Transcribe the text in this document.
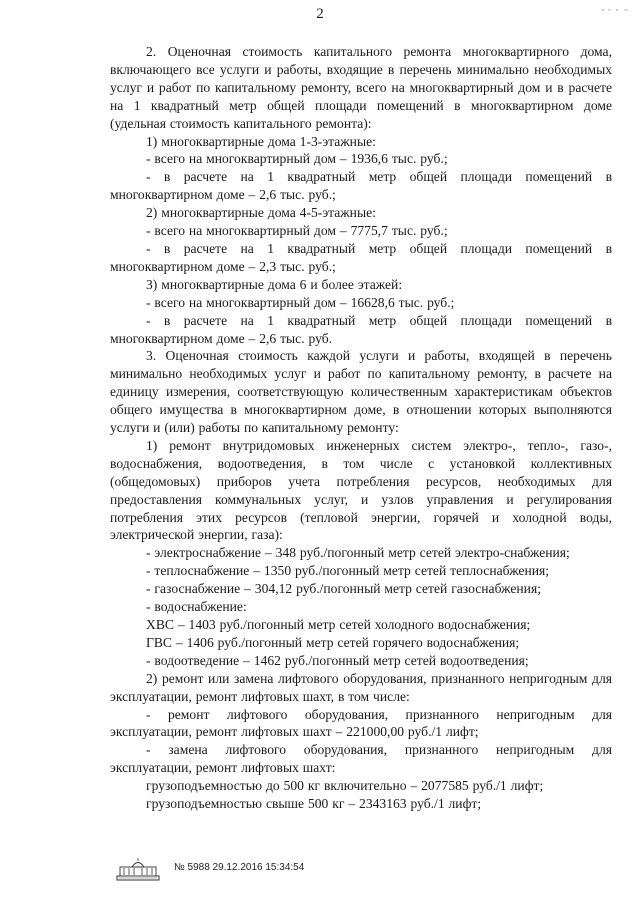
2

2. Оценочная стоимость капитального ремонта многоквартирного дома, включающего все услуги и работы, входящие в перечень минимально необходимых услуг и работ по капитальному ремонту, всего на многоквартирный дом и в расчете на 1 квадратный метр общей площади помещений в многоквартирном доме (удельная стоимость капитального ремонта):

1) многоквартирные дома 1-3-этажные:

- всего на многоквартирный дом – 1936,6 тыс. руб.;

- в расчете на 1 квадратный метр общей площади помещений в многоквартирном доме – 2,6 тыс. руб.;

2) многоквартирные дома 4-5-этажные:

- всего на многоквартирный дом – 7775,7 тыс. руб.;

- в расчете на 1 квадратный метр общей площади помещений в многоквартирном доме – 2,3 тыс. руб.;

3) многоквартирные дома 6 и более этажей:

- всего на многоквартирный дом – 16628,6 тыс. руб.;

- в расчете на 1 квадратный метр общей площади помещений в многоквартирном доме – 2,6 тыс. руб.

3. Оценочная стоимость каждой услуги и работы, входящей в перечень минимально необходимых услуг и работ по капитальному ремонту, в расчете на единицу измерения, соответствующую количественным характеристикам объектов общего имущества в многоквартирном доме, в отношении которых выполняются услуги и (или) работы по капитальному ремонту:

1) ремонт внутридомовых инженерных систем электро-, тепло-, газо-, водоснабжения, водоотведения, в том числе с установкой коллективных (общедомовых) приборов учета потребления ресурсов, необходимых для предоставления коммунальных услуг, и узлов управления и регулирования потребления этих ресурсов (тепловой энергии, горячей и холодной воды, электрической энергии, газа):

- электроснабжение – 348 руб./погонный метр сетей электро-снабжения;

- теплоснабжение – 1350 руб./погонный метр сетей теплоснабжения;

- газоснабжение – 304,12 руб./погонный метр сетей газоснабжения;

- водоснабжение:

ХВС – 1403 руб./погонный метр сетей холодного водоснабжения;

ГВС – 1406 руб./погонный метр сетей горячего водоснабжения;

- водоотведение – 1462 руб./погонный метр сетей водоотведения;

2) ремонт или замена лифтового оборудования, признанного непригодным для эксплуатации, ремонт лифтовых шахт, в том числе:

- ремонт лифтового оборудования, признанного непригодным для эксплуатации, ремонт лифтовых шахт – 221000,00 руб./1 лифт;

- замена лифтового оборудования, признанного непригодным для эксплуатации, ремонт лифтовых шахт:

грузоподъемностью до 500 кг включительно – 2077585 руб./1 лифт;

грузоподъемностью свыше 500 кг – 2343163 руб./1 лифт;

№ 5988 29.12.2016 15:34:54
